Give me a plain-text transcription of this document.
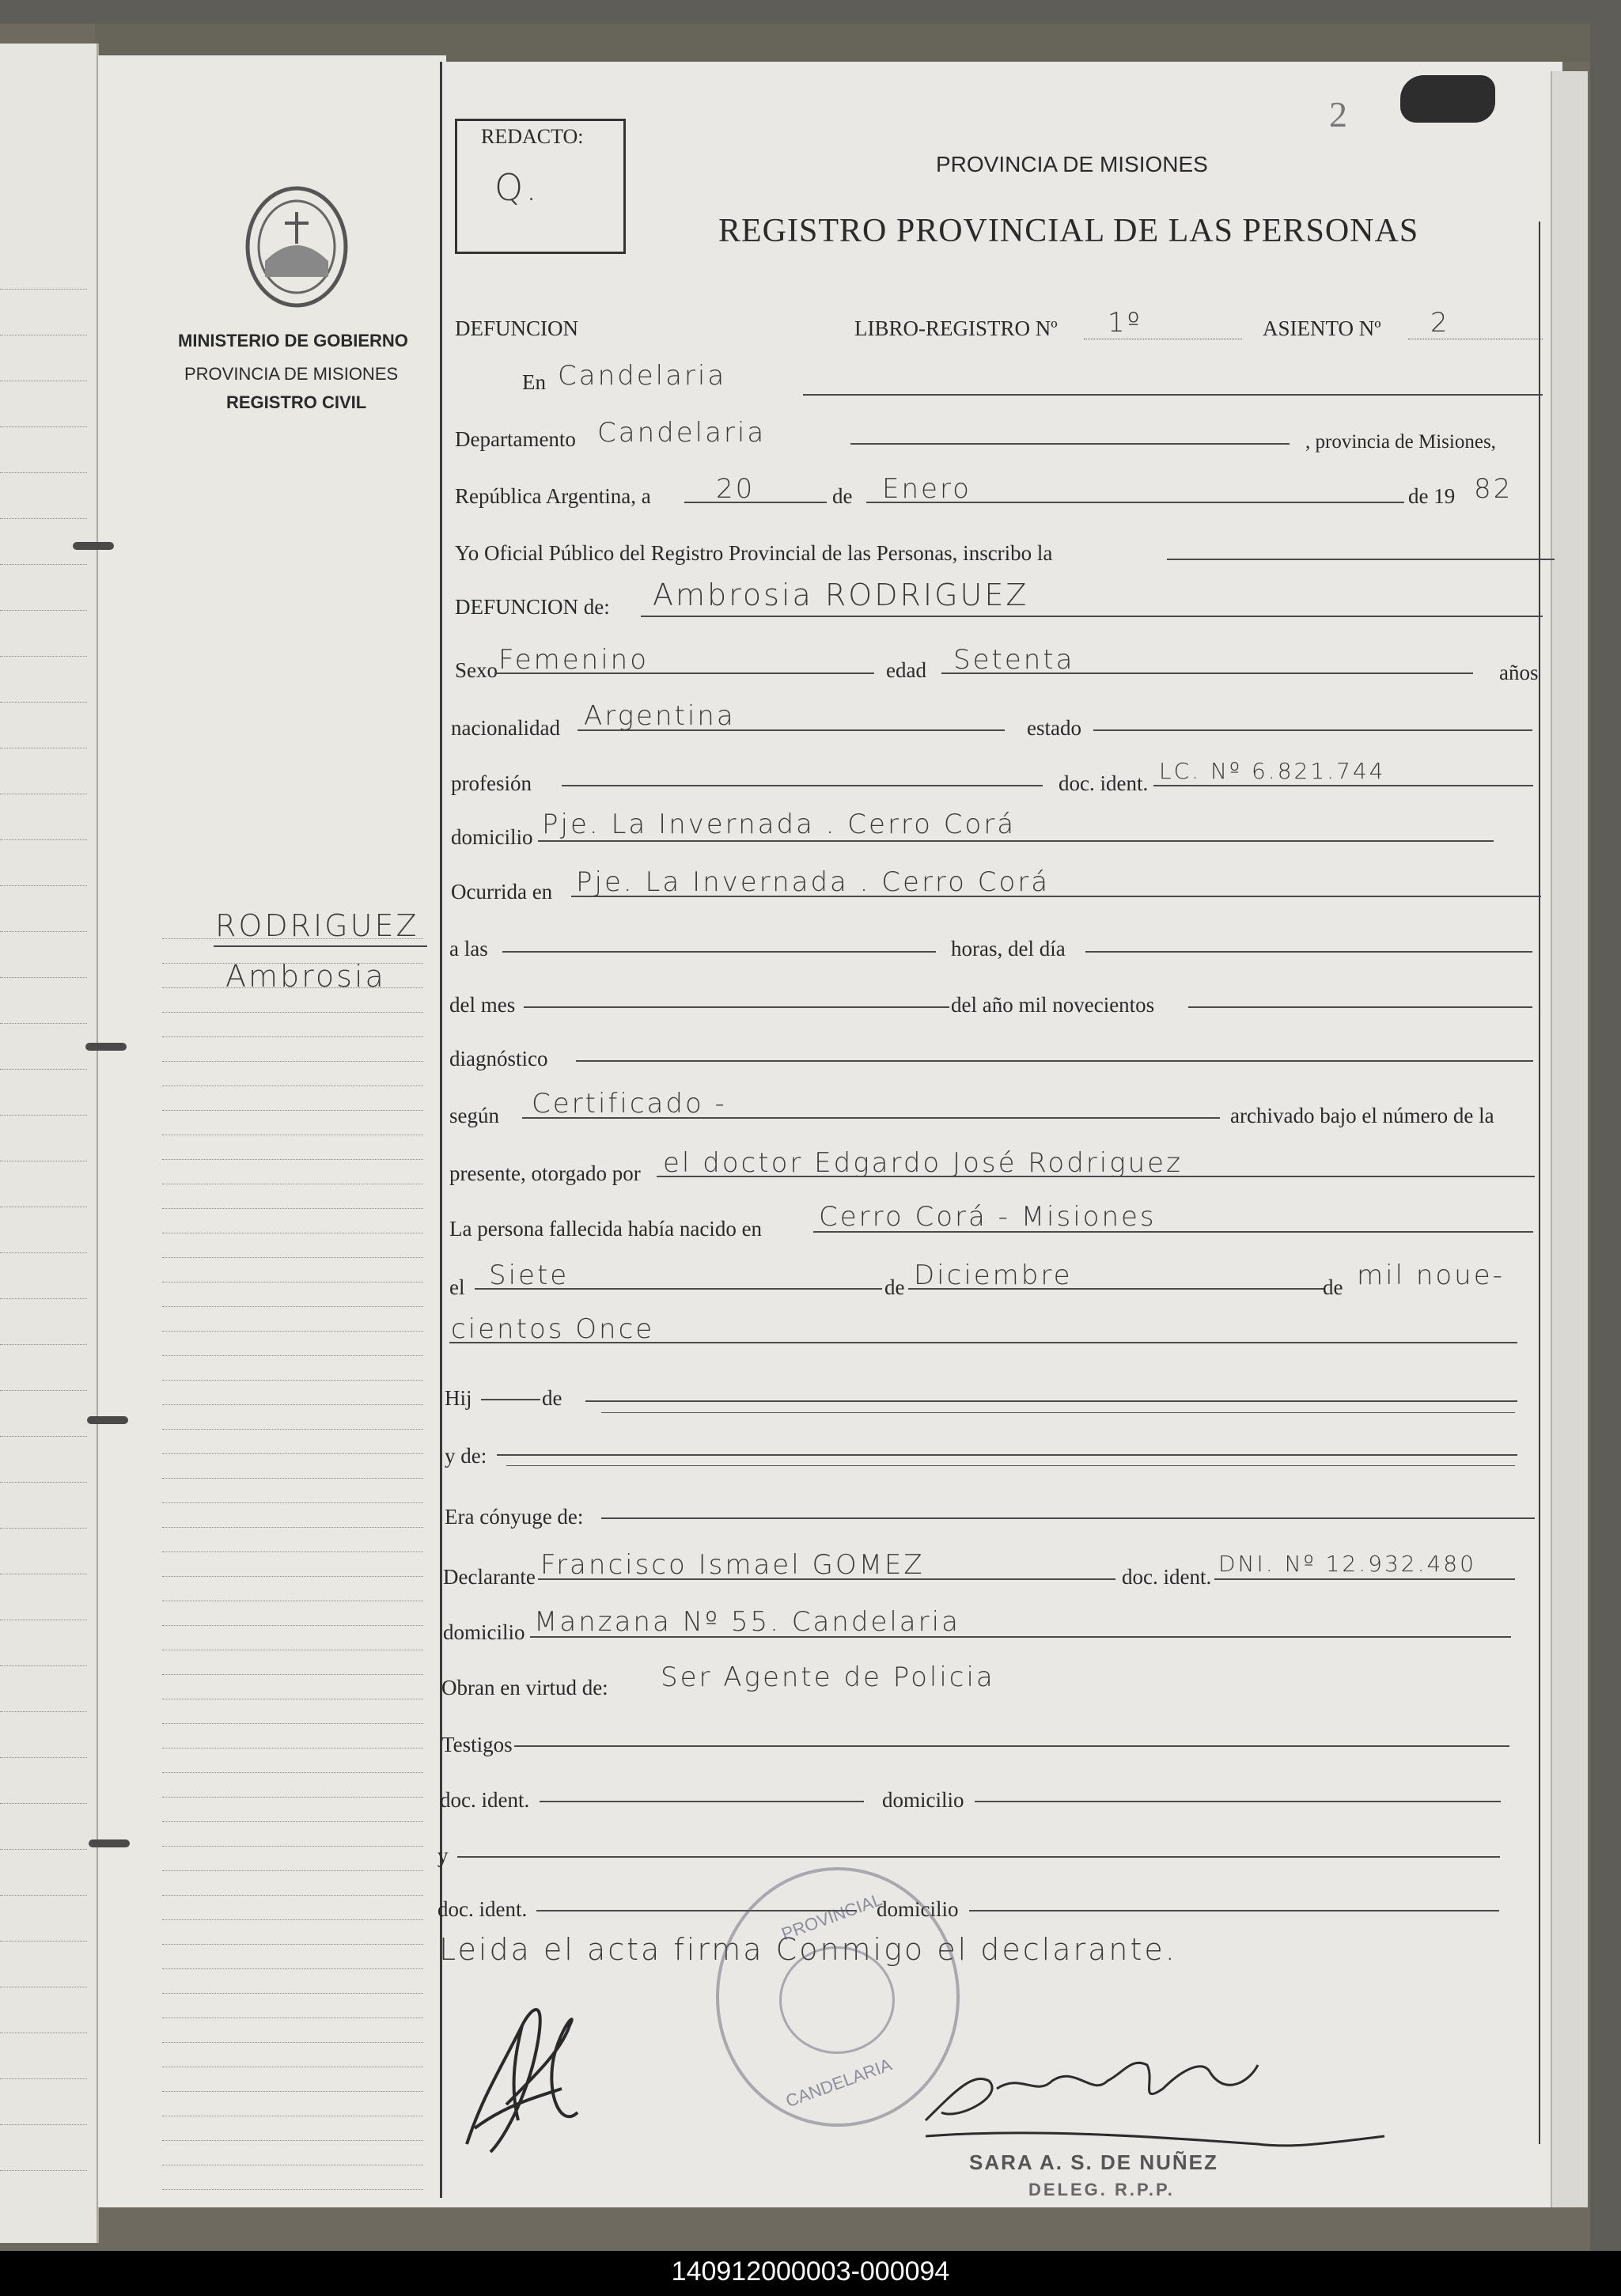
2
REDACTO:
Q.
MINISTERIO DE GOBIERNO
PROVINCIA DE MISIONES
REGISTRO CIVIL
PROVINCIA DE MISIONES
REGISTRO PROVINCIAL DE LAS PERSONAS
RODRIGUEZ
Ambrosia
DEFUNCION	LIBRO-REGISTRO Nº 1º	ASIENTO Nº 2
En Candelaria
Departamento Candelaria	, provincia de Misiones,
República Argentina, a 20	de Enero	de 19 82
Yo Oficial Público del Registro Provincial de las Personas, inscribo la
DEFUNCION de: Ambrosia RODRIGUEZ
Sexo Femenino	edad Setenta	años
nacionalidad Argentina	estado
profesión	doc. ident. LC. Nº 6.821.744
domicilio Pje. La Invernada . Cerro Corá
Ocurrida en Pje. La Invernada . Cerro Corá
a las	horas, del día
del mes	del año mil novecientos
diagnóstico
según Certificado -	archivado bajo el número de la
presente, otorgado por el doctor Edgardo José Rodriguez
La persona fallecida había nacido en Cerro Corá - Misiones
el Siete	de Diciembre	de mil noue-
cientos Once
Hij	de
y de:
Era cónyuge de:
Declarante Francisco Ismael GOMEZ	doc. ident. DNI. Nº 12.932.480
domicilio Manzana Nº 55. Candelaria
Obran en virtud de: Ser Agente de Policia
Testigos
doc. ident.	domicilio
y
doc. ident.	domicilio
Leida el acta firma Conmigo el declarante.
PROVINCIAL
CANDELARIA
SARA A. S. DE NUÑEZ
DELEG. R.P.P.
140912000003-000094
